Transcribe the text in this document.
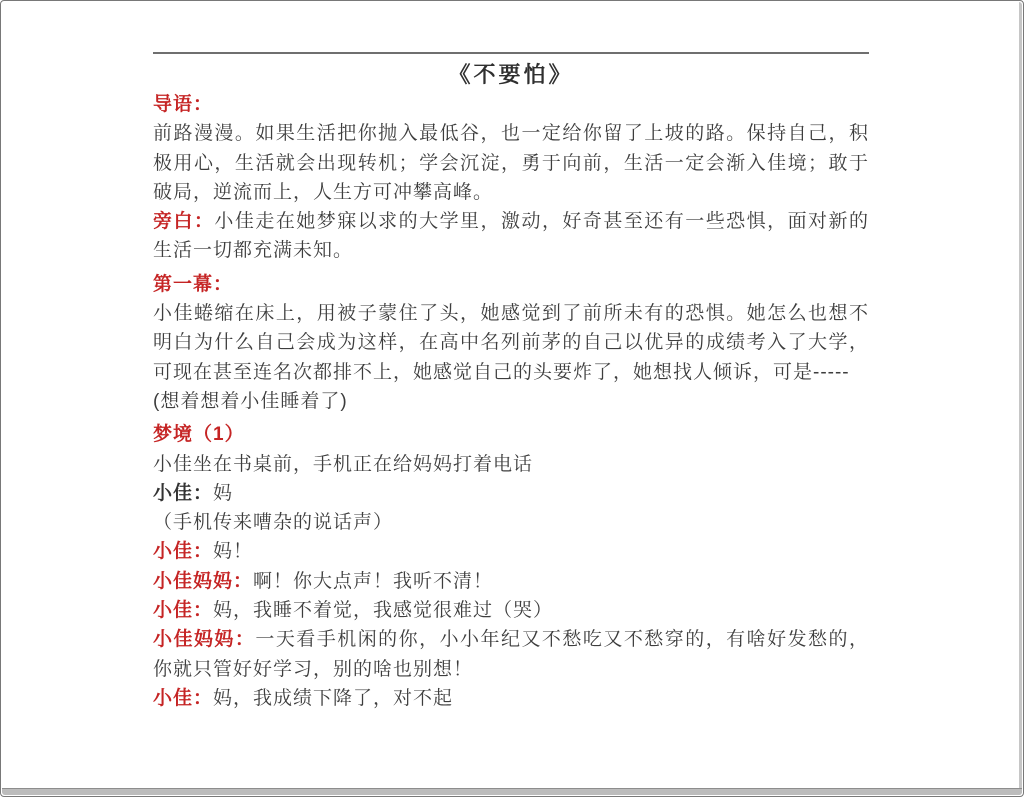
《不要怕》

导语：

前路漫漫。如果生活把你抛入最低谷，也一定给你留了上坡的路。保持自己，积极用心，生活就会出现转机；学会沉淀，勇于向前，生活一定会渐入佳境；敢于破局，逆流而上，人生方可冲攀高峰。

旁白：小佳走在她梦寐以求的大学里，激动，好奇甚至还有一些恐惧，面对新的生活一切都充满未知。

第一幕：

小佳蜷缩在床上，用被子蒙住了头，她感觉到了前所未有的恐惧。她怎么也想不明白为什么自己会成为这样，在高中名列前茅的自己以优异的成绩考入了大学，可现在甚至连名次都排不上，她感觉自己的头要炸了，她想找人倾诉，可是-----

(想着想着小佳睡着了)

梦境（1）

小佳坐在书桌前，手机正在给妈妈打着电话

小佳：妈

（手机传来嘈杂的说话声）

小佳：妈！

小佳妈妈：啊！你大点声！我听不清！

小佳：妈，我睡不着觉，我感觉很难过（哭）

小佳妈妈：一天看手机闲的你，小小年纪又不愁吃又不愁穿的，有啥好发愁的，你就只管好好学习，别的啥也别想！

小佳：妈，我成绩下降了，对不起
